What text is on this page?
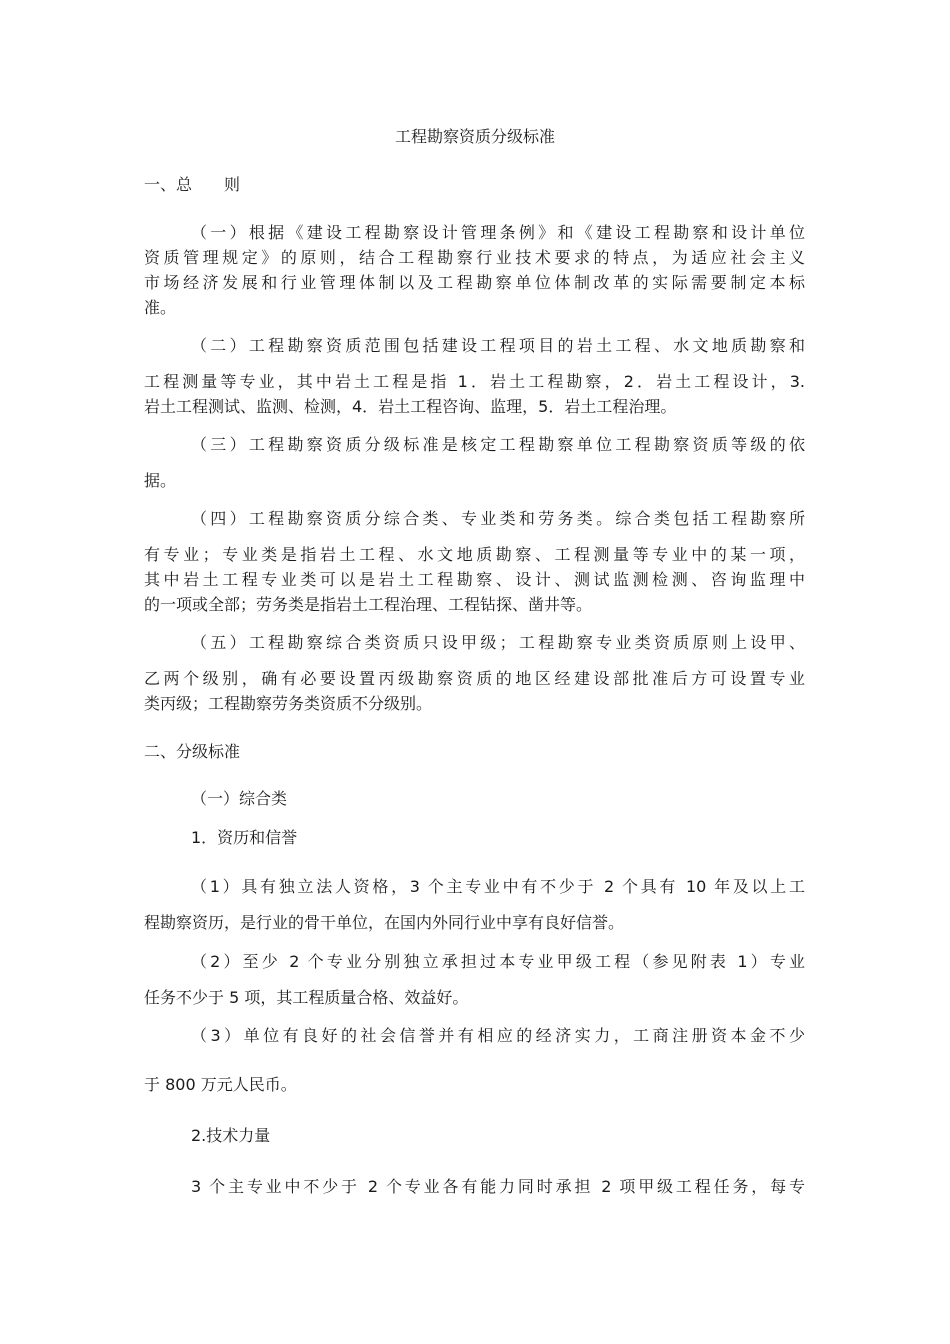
工程勘察资质分级标准
一、总　　则
（一）根据《建设工程勘察设计管理条例》和《建设工程勘察和设计单位
资质管理规定》的原则，结合工程勘察行业技术要求的特点，为适应社会主义
市场经济发展和行业管理体制以及工程勘察单位体制改革的实际需要制定本标
准。
（二）工程勘察资质范围包括建设工程项目的岩土工程、水文地质勘察和
工程测量等专业，其中岩土工程是指 1．岩土工程勘察，2．岩土工程设计，3.
岩土工程测试、监测、检测，4．岩土工程咨询、监理，5．岩土工程治理。
（三）工程勘察资质分级标准是核定工程勘察单位工程勘察资质等级的依
据。
（四）工程勘察资质分综合类、专业类和劳务类。综合类包括工程勘察所
有专业；专业类是指岩土工程、水文地质勘察、工程测量等专业中的某一项，
其中岩土工程专业类可以是岩土工程勘察、设计、测试监测检测、咨询监理中
的一项或全部；劳务类是指岩土工程治理、工程钻探、凿井等。
（五）工程勘察综合类资质只设甲级；工程勘察专业类资质原则上设甲、
乙两个级别，确有必要设置丙级勘察资质的地区经建设部批准后方可设置专业
类丙级；工程勘察劳务类资质不分级别。
二、分级标准
（一）综合类
1．资历和信誉
（1）具有独立法人资格，3 个主专业中有不少于 2 个具有 10 年及以上工
程勘察资历，是行业的骨干单位，在国内外同行业中享有良好信誉。
（2）至少 2 个专业分别独立承担过本专业甲级工程（参见附表 1）专业
任务不少于 5 项，其工程质量合格、效益好。
（3）单位有良好的社会信誉并有相应的经济实力，工商注册资本金不少
于 800 万元人民币。
2.技术力量
3 个主专业中不少于 2 个专业各有能力同时承担 2 项甲级工程任务，每专
